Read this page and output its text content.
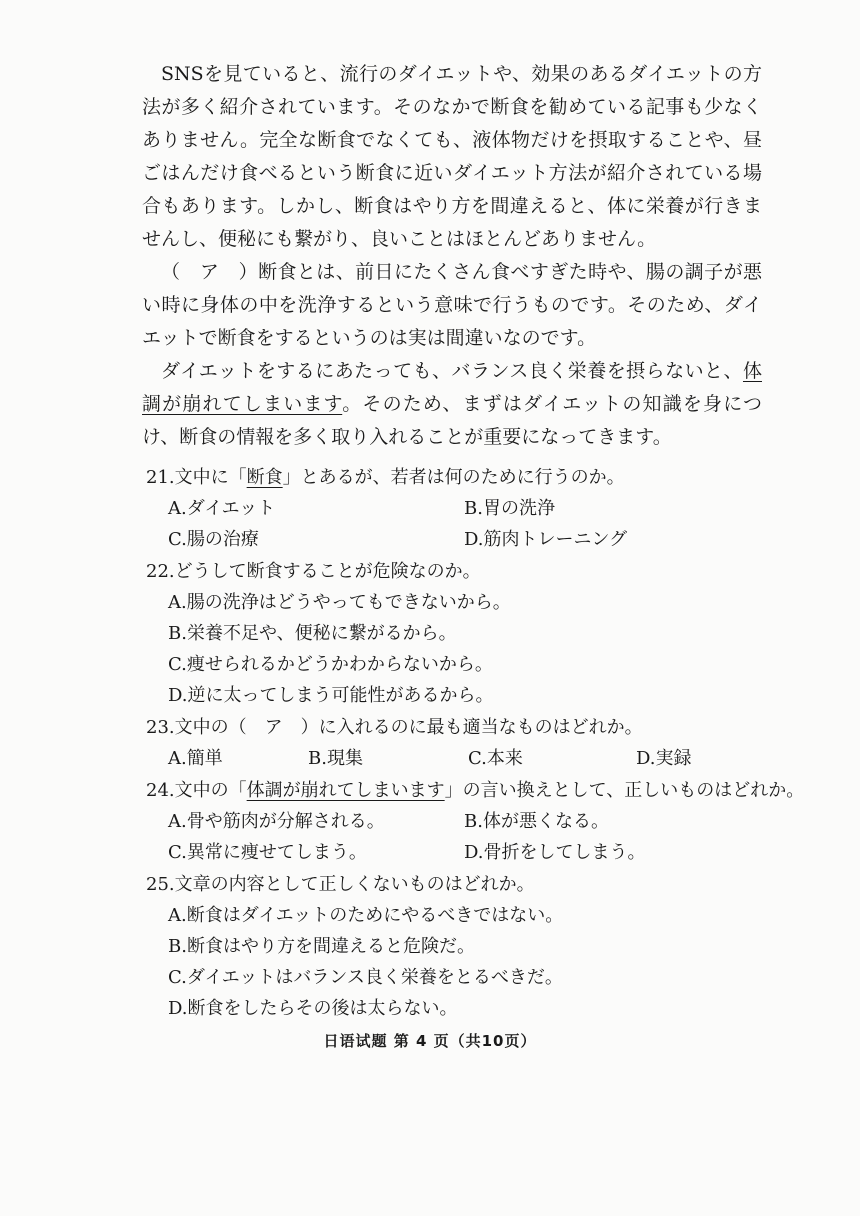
SNSを見ていると、流行のダイエットや、効果のあるダイエットの方法が多く紹介されています。そのなかで断食を勧めている記事も少なくありません。完全な断食でなくても、液体物だけを摂取することや、昼ごはんだけ食べるという断食に近いダイエット方法が紹介されている場合もあります。しかし、断食はやり方を間違えると、体に栄養が行きませんし、便秘にも繋がり、良いことはほとんどありません。

（　ア　）断食とは、前日にたくさん食べすぎた時や、腸の調子が悪い時に身体の中を洗浄するという意味で行うものです。そのため、ダイエットで断食をするというのは実は間違いなのです。

ダイエットをするにあたっても、バランス良く栄養を摂らないと、体調が崩れてしまいます。そのため、まずはダイエットの知識を身につけ、断食の情報を多く取り入れることが重要になってきます。

21.文中に「断食」とあるが、若者は何のために行うのか。

A.ダイエット	B.胃の洗浄
C.腸の治療	D.筋肉トレーニング

22.どうして断食することが危険なのか。

A.腸の洗浄はどうやってもできないから。
B.栄養不足や、便秘に繋がるから。
C.痩せられるかどうかわからないから。
D.逆に太ってしまう可能性があるから。

23.文中の（　ア　）に入れるのに最も適当なものはどれか。

A.簡単	B.現集	C.本来	D.実録

24.文中の「体調が崩れてしまいます」の言い換えとして、正しいものはどれか。

A.骨や筋肉が分解される。	B.体が悪くなる。
C.異常に痩せてしまう。	D.骨折をしてしまう。

25.文章の内容として正しくないものはどれか。

A.断食はダイエットのためにやるべきではない。
B.断食はやり方を間違えると危険だ。
C.ダイエットはバランス良く栄養をとるべきだ。
D.断食をしたらその後は太らない。
日语试题 第 4 页（共10页）
